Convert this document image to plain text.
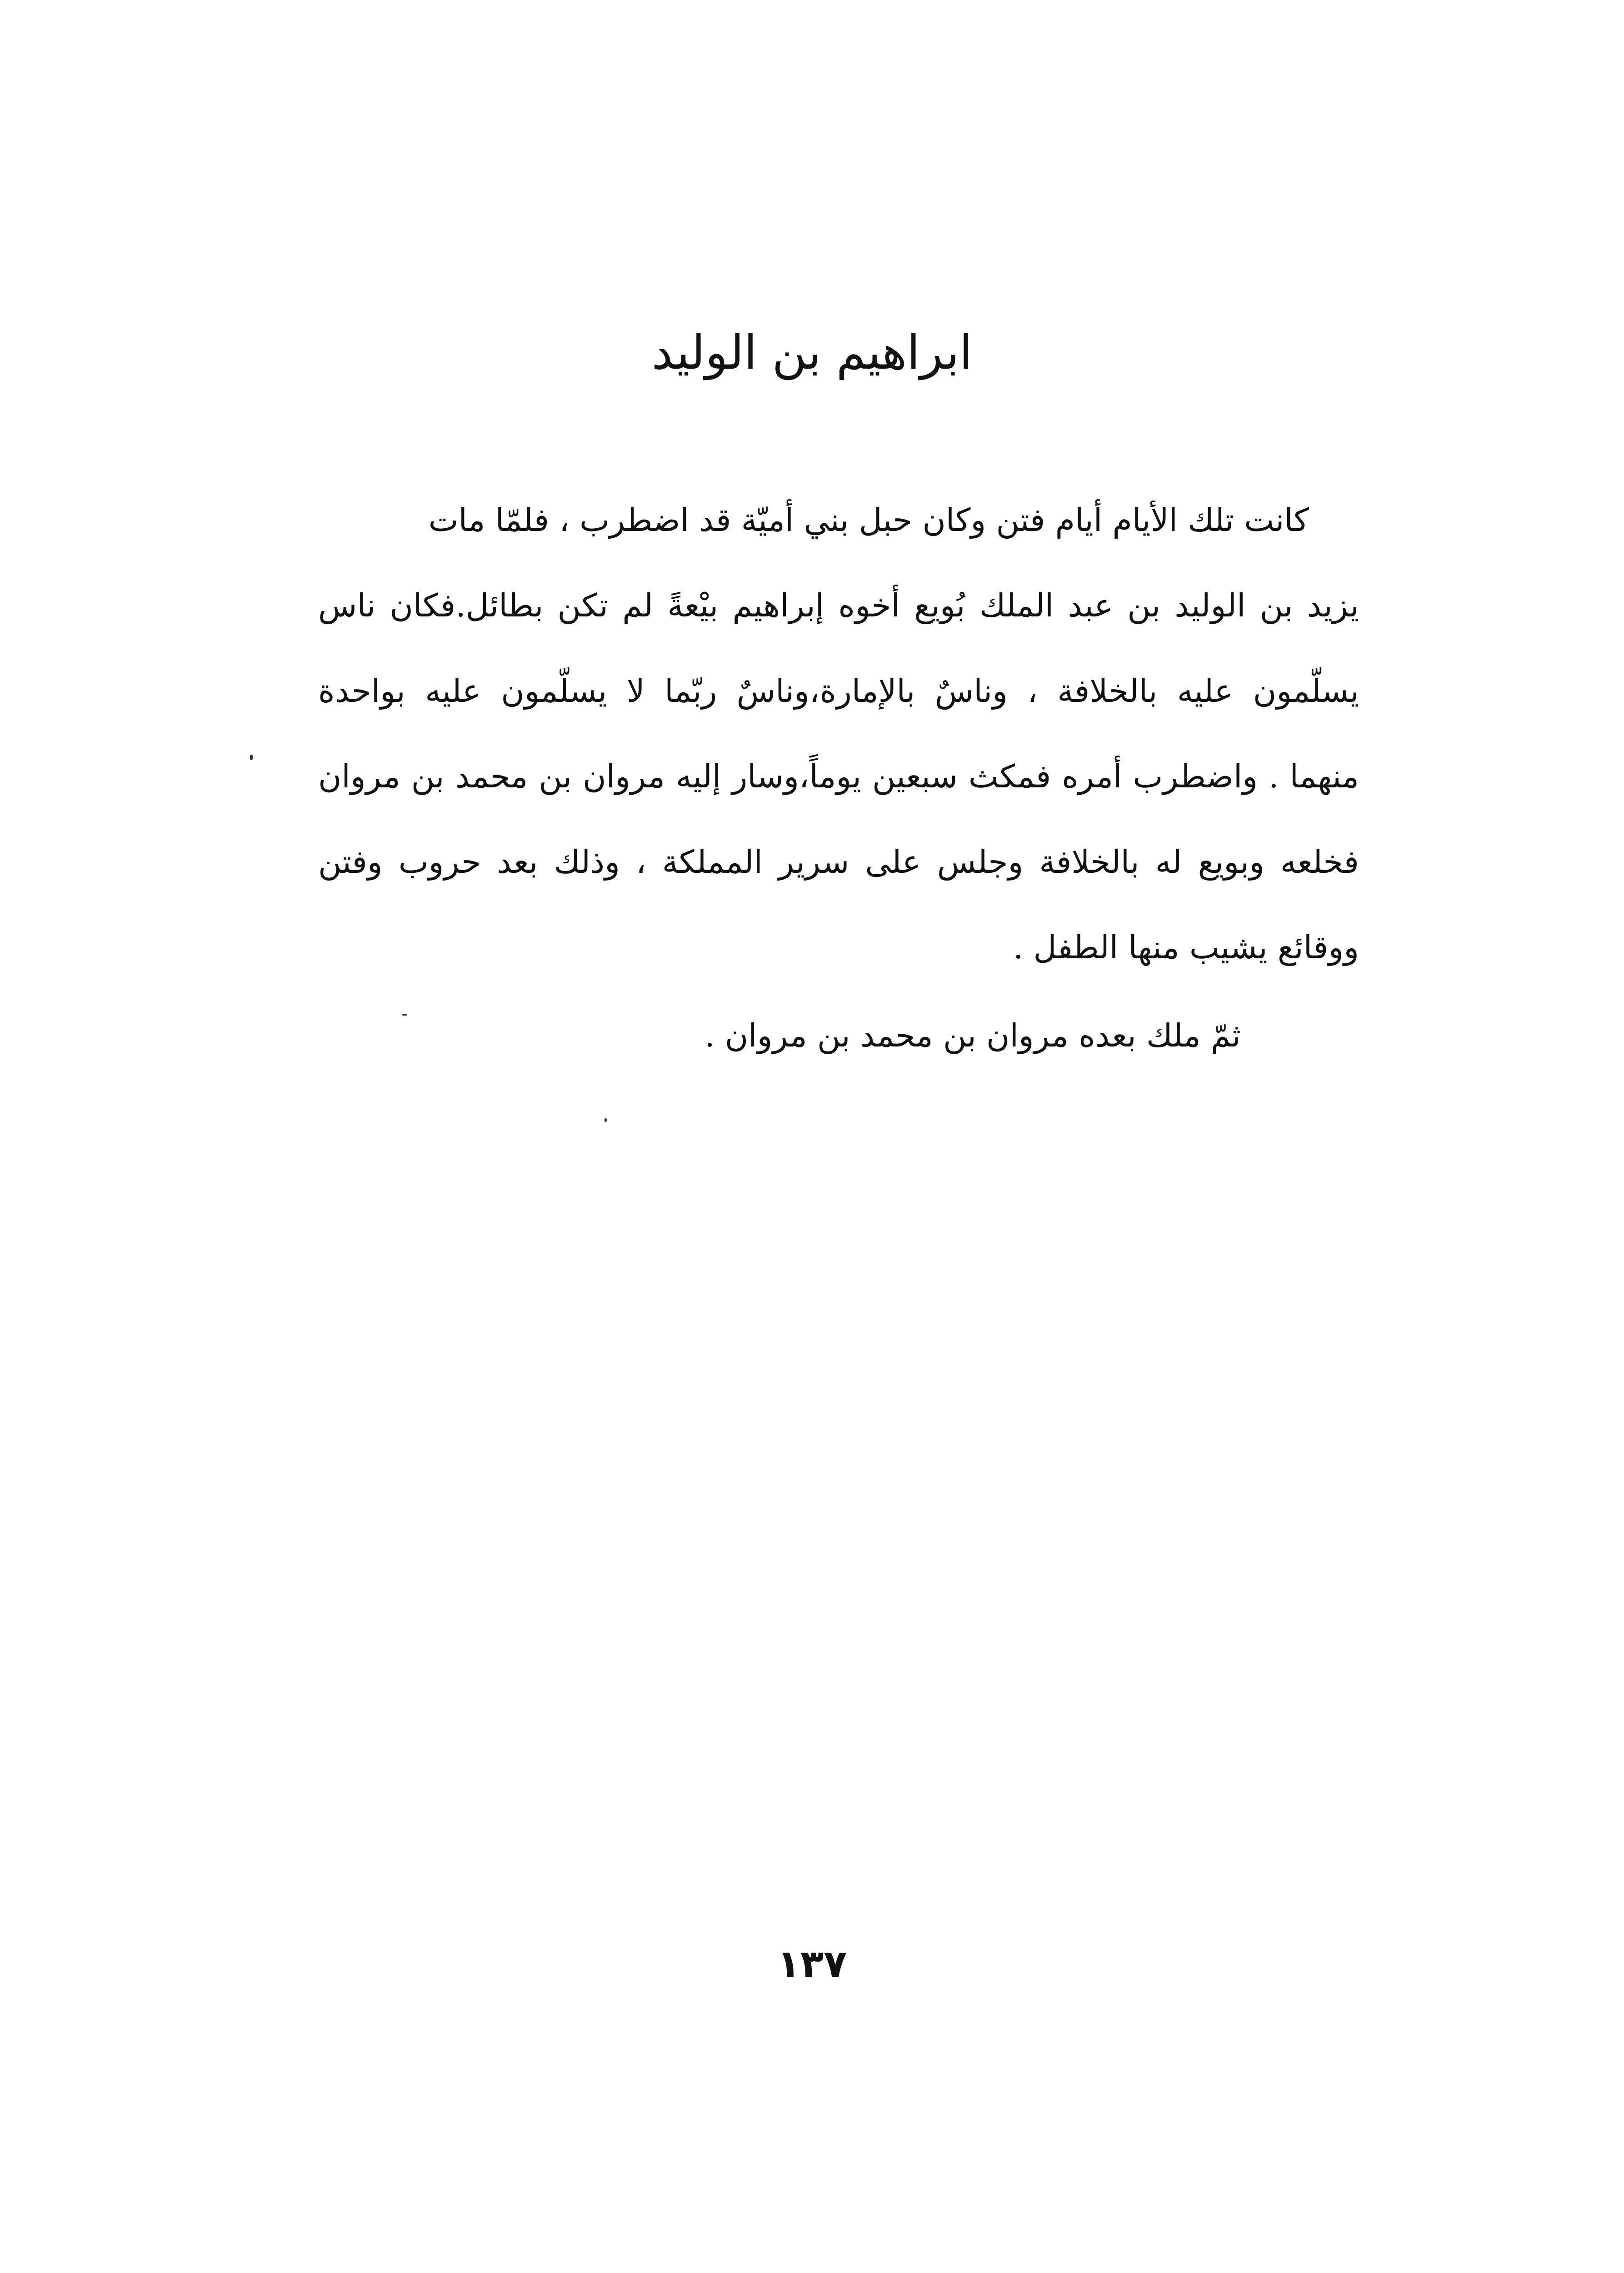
ابراهيم بن الوليد
كانت تلك الأيام أيام فتن وكان حبل بني أميّة قد اضطرب ، فلمّا مات
يزيد بن الوليد بن عبد الملك بُويع أخوه إبراهيم بيْعةً لم تكن بطائل.فكان ناس
يسلّمون عليه بالخلافة ، وناسٌ بالإمارة،وناسٌ ربّما لا يسلّمون عليه بواحدة
منهما . واضطرب أمره فمكث سبعين يوماً،وسار إليه مروان بن محمد بن مروان
فخلعه وبويع له بالخلافة وجلس على سرير المملكة ، وذلك بعد حروب وفتن
ووقائع يشيب منها الطفل .
ثمّ ملك بعده مروان بن محمد بن مروان .
١٣٧
